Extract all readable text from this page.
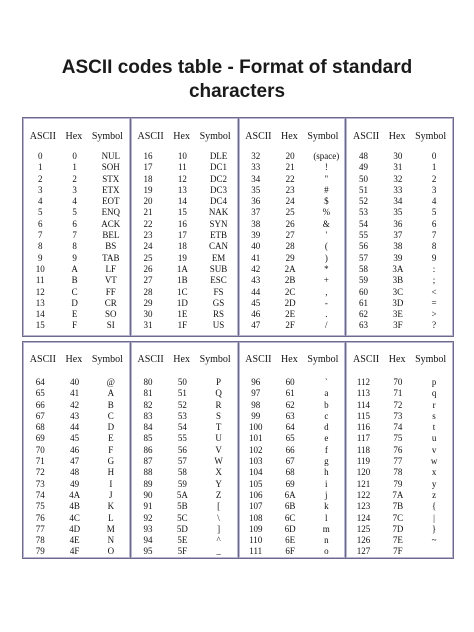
ASCII codes table - Format of standard
characters
ASCII Hex Symbol
0	0	NUL
1	1	SOH
2	2	STX
3	3	ETX
4	4	EOT
5	5	ENQ
6	6	ACK
7	7	BEL
8	8	BS
9	9	TAB
10	A	LF
11	B	VT
12	C	FF
13	D	CR
14	E	SO
15	F	SI
ASCII Hex Symbol
16	10	DLE
17	11	DC1
18	12	DC2
19	13	DC3
20	14	DC4
21	15	NAK
22	16	SYN
23	17	ETB
24	18	CAN
25	19	EM
26	1A	SUB
27	1B	ESC
28	1C	FS
29	1D	GS
30	1E	RS
31	1F	US
ASCII Hex Symbol
32	20	(space)
33	21	!
34	22	"
35	23	#
36	24	$
37	25	%
38	26	&
39	27	'
40	28	(
41	29	)
42	2A	*
43	2B	+
44	2C	,
45	2D	-
46	2E	.
47	2F	/
ASCII Hex Symbol
48	30	0
49	31	1
50	32	2
51	33	3
52	34	4
53	35	5
54	36	6
55	37	7
56	38	8
57	39	9
58	3A	:
59	3B	;
60	3C	<
61	3D	=
62	3E	>
63	3F	?
ASCII Hex Symbol
64	40	@
65	41	A
66	42	B
67	43	C
68	44	D
69	45	E
70	46	F
71	47	G
72	48	H
73	49	I
74	4A	J
75	4B	K
76	4C	L
77	4D	M
78	4E	N
79	4F	O
ASCII Hex Symbol
80	50	P
81	51	Q
82	52	R
83	53	S
84	54	T
85	55	U
86	56	V
87	57	W
88	58	X
89	59	Y
90	5A	Z
91	5B	[
92	5C	\
93	5D	]
94	5E	^
95	5F	_
ASCII Hex Symbol
96	60	`
97	61	a
98	62	b
99	63	c
100	64	d
101	65	e
102	66	f
103	67	g
104	68	h
105	69	i
106	6A	j
107	6B	k
108	6C	l
109	6D	m
110	6E	n
111	6F	o
ASCII Hex Symbol
112	70	p
113	71	q
114	72	r
115	73	s
116	74	t
117	75	u
118	76	v
119	77	w
120	78	x
121	79	y
122	7A	z
123	7B	{
124	7C	|
125	7D	}
126	7E	~
127	7F
